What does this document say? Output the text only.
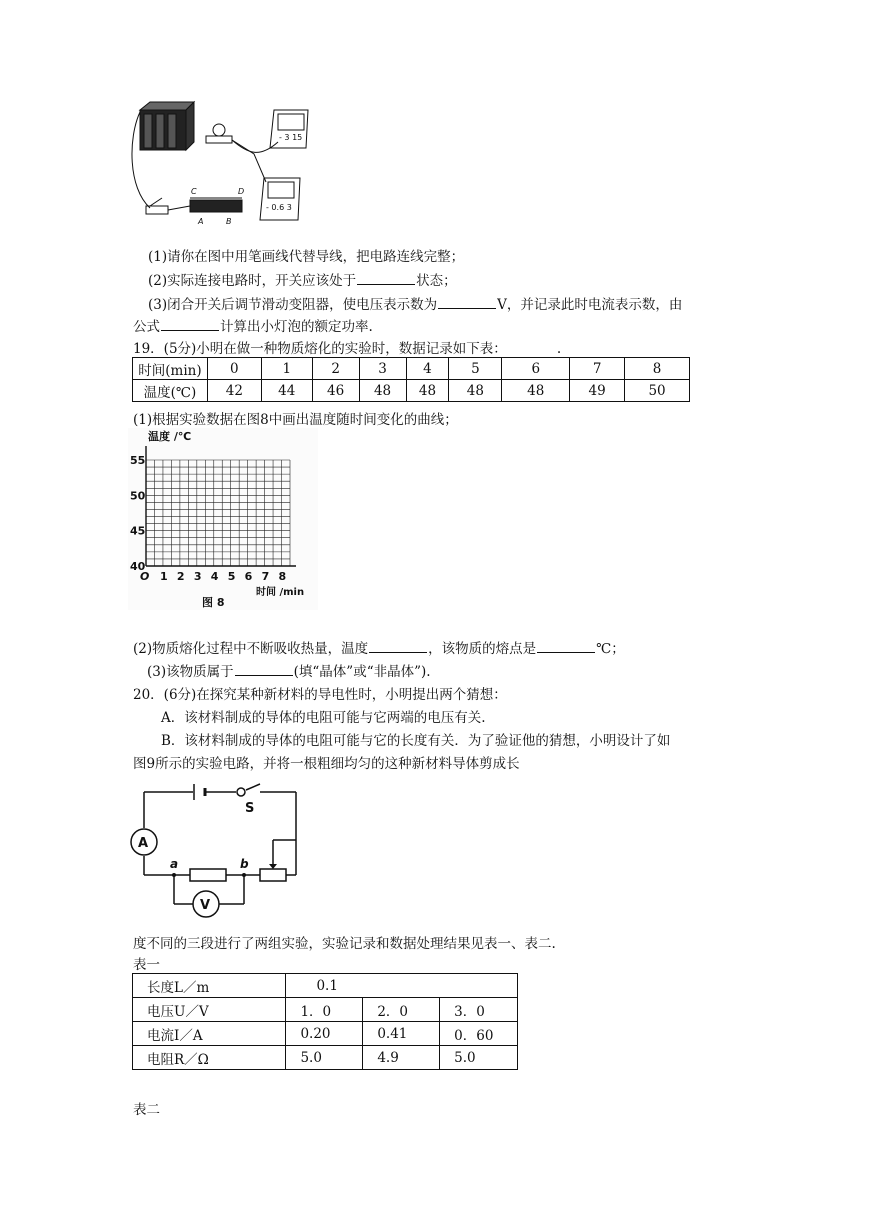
- 3 15
- 0.6 3
C	D
A	B
(1)请你在图中用笔画线代替导线，把电路连线完整；
(2)实际连接电路时，开关应该处于	状态；
(3)闭合开关后调节滑动变阻器，使电压表示数为	V，并记录此时电流表示数，由
公式	计算出小灯泡的额定功率.
19．(5分)小明在做一种物质熔化的实验时，数据记录如下表：	.
时间(min)	0	1	2	3	4	5	6	7	8
温度(℃)	42	44	46	48	48	48	48	49	50
(1)根据实验数据在图8中画出温度随时间变化的曲线；
1 2 3 4 5 6 7 8
40
45
50
55
温度 /℃
时间 /min
O
图 8
(2)物质熔化过程中不断吸收热量，温度	，该物质的熔点是	℃；
(3)该物质属于	(填“晶体”或“非晶体”).
20．(6分)在探究某种新材料的导电性时，小明提出两个猜想：
A．该材料制成的导体的电阻可能与它两端的电压有关.
B．该材料制成的导体的电阻可能与它的长度有关．为了验证他的猜想，小明设计了如
图9所示的实验电路，并将一根粗细均匀的这种新材料导体剪成长
S
A
a	b
V
度不同的三段进行了两组实验，实验记录和数据处理结果见表一、表二.
表一
长度L／m	0.1		
电压U／V	1．0	2．0	3．0
电流I／A	0.20	0.41	0．60
电阻R／Ω	5.0	4.9	5.0
表二
